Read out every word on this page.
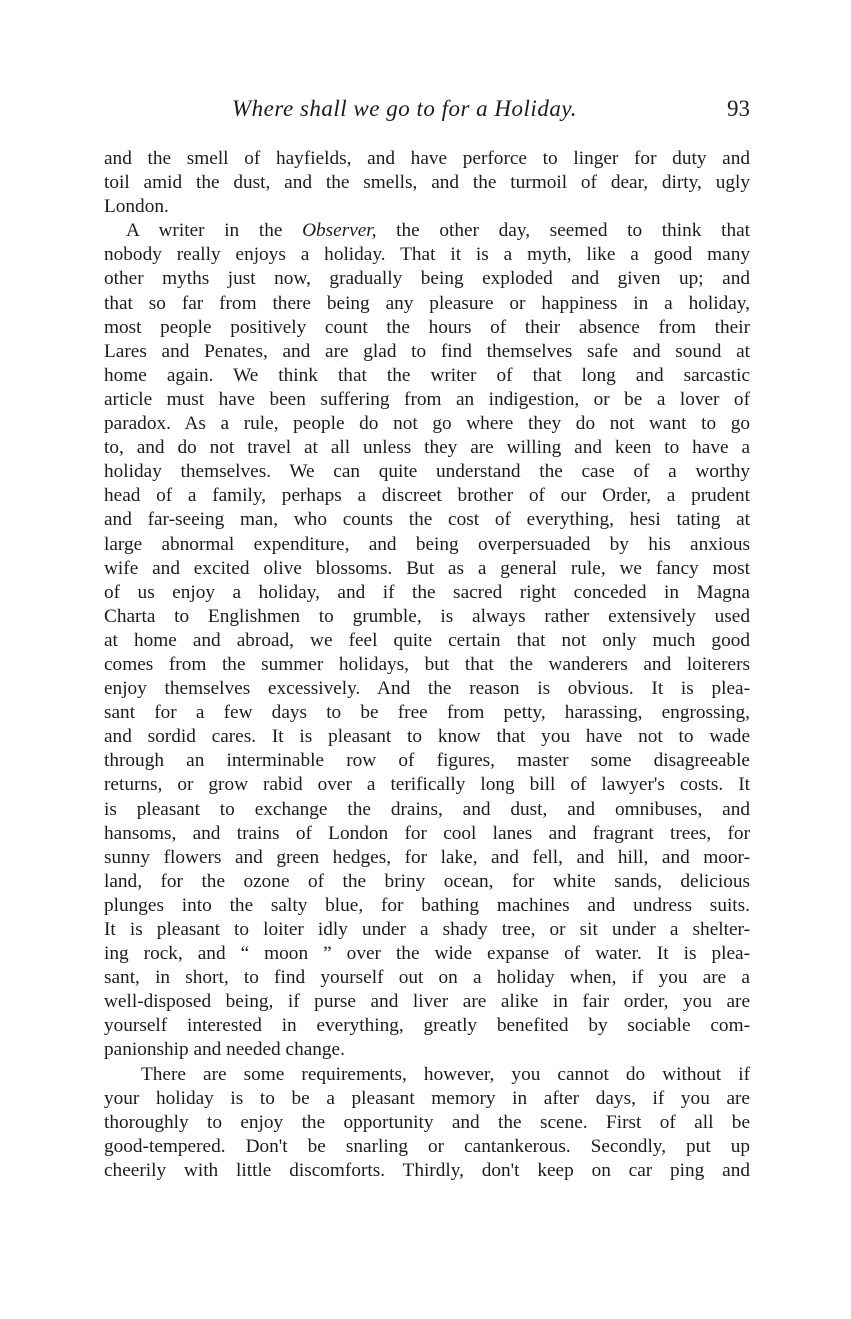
Where shall we go to for a Holiday.	93
and the smell of hayfields, and have perforce to linger for duty and
toil amid the dust, and the smells, and the turmoil of dear, dirty, ugly
London.
A writer in the Observer, the other day, seemed to think that
nobody really enjoys a holiday. That it is a myth, like a good many
other myths just now, gradually being exploded and given up; and
that so far from there being any pleasure or happiness in a holiday,
most people positively count the hours of their absence from their
Lares and Penates, and are glad to find themselves safe and sound at
home again. We think that the writer of that long and sarcastic
article must have been suffering from an indigestion, or be a lover of
paradox. As a rule, people do not go where they do not want to go
to, and do not travel at all unless they are willing and keen to have a
holiday themselves. We can quite understand the case of a worthy
head of a family, perhaps a discreet brother of our Order, a prudent
and far-seeing man, who counts the cost of everything, hesi tating at
large abnormal expenditure, and being overpersuaded by his anxious
wife and excited olive blossoms. But as a general rule, we fancy most
of us enjoy a holiday, and if the sacred right conceded in Magna
Charta to Englishmen to grumble, is always rather extensively used
at home and abroad, we feel quite certain that not only much good
comes from the summer holidays, but that the wanderers and loiterers
enjoy themselves excessively. And the reason is obvious. It is plea-
sant for a few days to be free from petty, harassing, engrossing,
and sordid cares. It is pleasant to know that you have not to wade
through an interminable row of figures, master some disagreeable
returns, or grow rabid over a terifically long bill of lawyer's costs. It
is pleasant to exchange the drains, and dust, and omnibuses, and
hansoms, and trains of London for cool lanes and fragrant trees, for
sunny flowers and green hedges, for lake, and fell, and hill, and moor-
land, for the ozone of the briny ocean, for white sands, delicious
plunges into the salty blue, for bathing machines and undress suits.
It is pleasant to loiter idly under a shady tree, or sit under a shelter-
ing rock, and “ moon ” over the wide expanse of water. It is plea-
sant, in short, to find yourself out on a holiday when, if you are a
well-disposed being, if purse and liver are alike in fair order, you are
yourself interested in everything, greatly benefited by sociable com-
panionship and needed change.
There are some requirements, however, you cannot do without if
your holiday is to be a pleasant memory in after days, if you are
thoroughly to enjoy the opportunity and the scene. First of all be
good-tempered. Don't be snarling or cantankerous. Secondly, put up
cheerily with little discomforts. Thirdly, don't keep on car ping and
